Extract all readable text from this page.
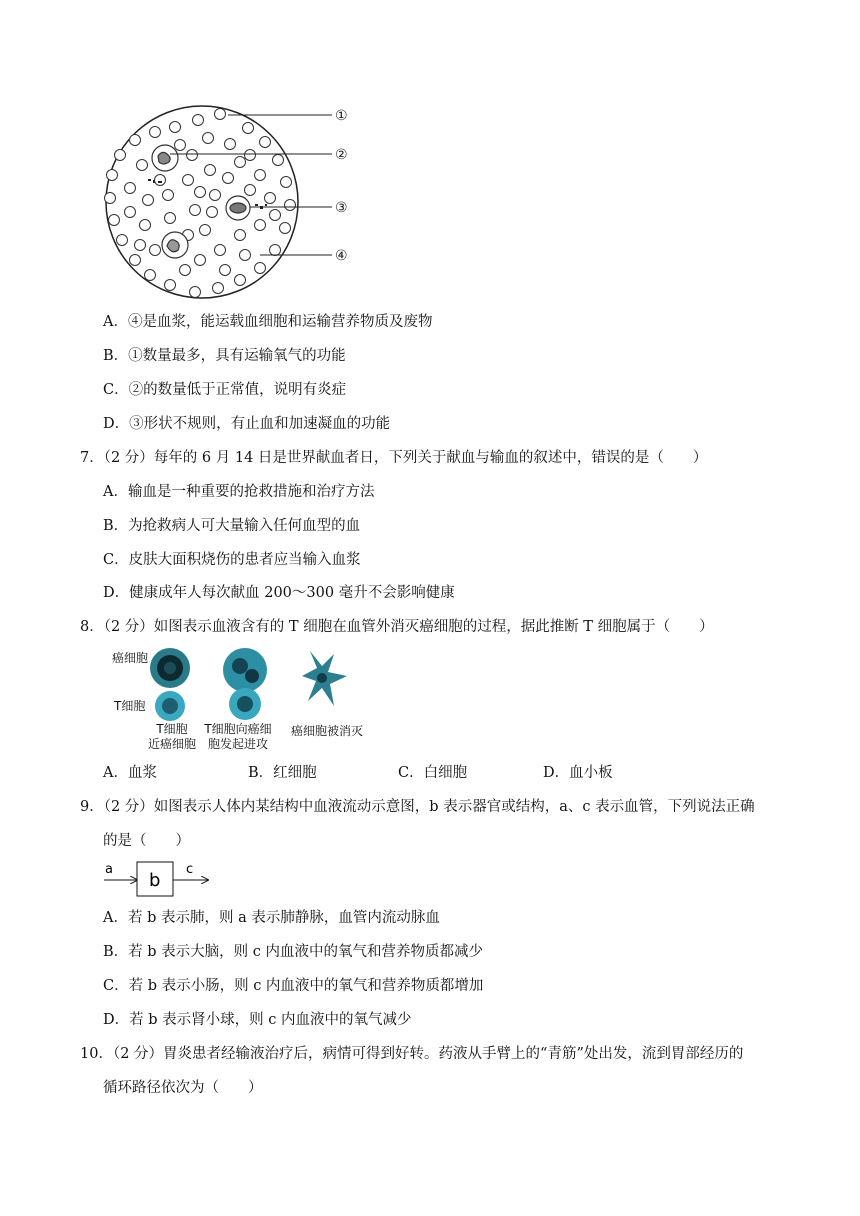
①
②
③
④
A．④是血浆，能运载血细胞和运输营养物质及废物
B．①数量最多，具有运输氧气的功能
C．②的数量低于正常值，说明有炎症
D．③形状不规则，有止血和加速凝血的功能
7．（2 分）每年的 6 月 14 日是世界献血者日，下列关于献血与输血的叙述中，错误的是（　　）
A．输血是一种重要的抢救措施和治疗方法
B．为抢救病人可大量输入任何血型的血
C．皮肤大面积烧伤的患者应当输入血浆
D．健康成年人每次献血 200～300 毫升不会影响健康
8．（2 分）如图表示血液含有的 T 细胞在血管外消灭癌细胞的过程，据此推断 T 细胞属于（　　）
癌细胞
T细胞
T细胞
近癌细胞
T细胞向癌细
胞发起进攻
癌细胞被消灭
A．血浆	B．红细胞	C．白细胞	D．血小板
9．（2 分）如图表示人体内某结构中血液流动示意图，b 表示器官或结构，a、c 表示血管，下列说法正确
的是（　　）
a
b
c
A．若 b 表示肺，则 a 表示肺静脉，血管内流动脉血
B．若 b 表示大脑，则 c 内血液中的氧气和营养物质都减少
C．若 b 表示小肠，则 c 内血液中的氧气和营养物质都增加
D．若 b 表示肾小球，则 c 内血液中的氧气减少
10．（2 分）胃炎患者经输液治疗后，病情可得到好转。药液从手臂上的“青筋”处出发，流到胃部经历的
循环路径依次为（　　）
